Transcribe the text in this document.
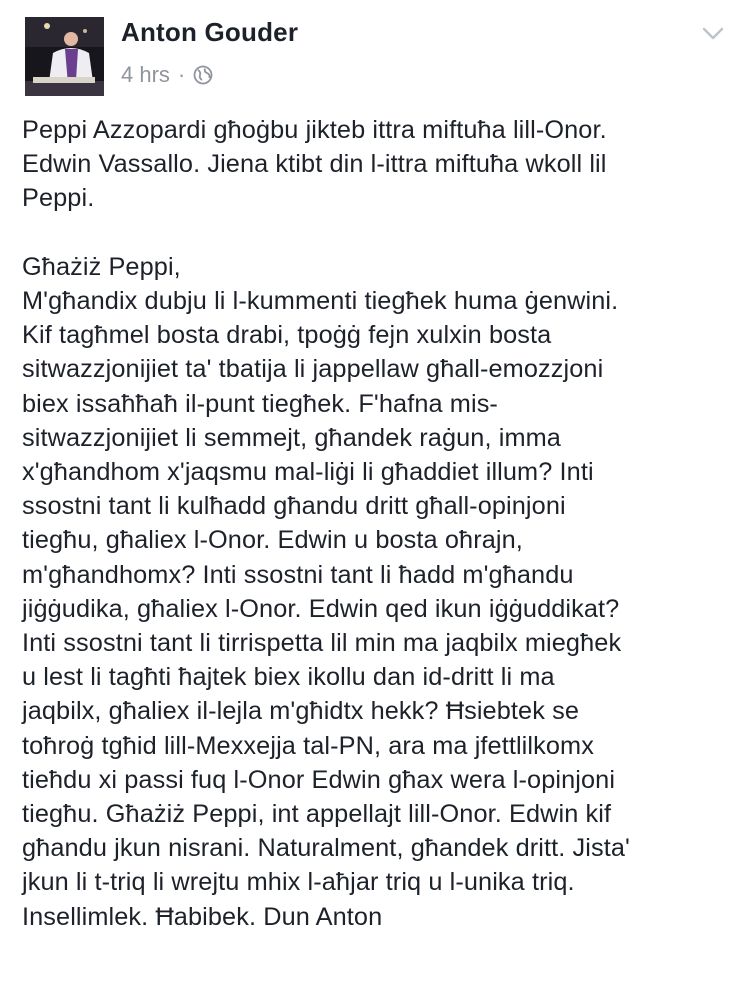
Anton Gouder
4 hrs ·
Peppi Azzopardi għoġbu jikteb ittra miftuħa lill-Onor.
Edwin Vassallo. Jiena ktibt din l-ittra miftuħa wkoll lil
Peppi.

Għażiż Peppi,
M'għandix dubju li l-kummenti tiegħek huma ġenwini.
Kif tagħmel bosta drabi, tpoġġ fejn xulxin bosta
sitwazzjonijiet ta' tbatija li jappellaw għall-emozzjoni
biex issaħħaħ il-punt tiegħek. F'hafna mis-
sitwazzjonijiet li semmejt, għandek raġun, imma
x'għandhom x'jaqsmu mal-liġi li għaddiet illum? Inti
ssostni tant li kulħadd għandu dritt għall-opinjoni
tiegħu, għaliex l-Onor. Edwin u bosta oħrajn,
m'għandhomx? Inti ssostni tant li ħadd m'għandu
jiġġudika, għaliex l-Onor. Edwin qed ikun iġġuddikat?
Inti ssostni tant li tirrispetta lil min ma jaqbilx miegħek
u lest li tagħti ħajtek biex ikollu dan id-dritt li ma
jaqbilx, għaliex il-lejla m'għidtx hekk? Ħsiebtek se
toħroġ tgħid lill-Mexxejja tal-PN, ara ma jfettlilkomx
tieħdu xi passi fuq l-Onor Edwin għax wera l-opinjoni
tiegħu. Għażiż Peppi, int appellajt lill-Onor. Edwin kif
għandu jkun nisrani. Naturalment, għandek dritt. Jista'
jkun li t-triq li wrejtu mhix l-aħjar triq u l-unika triq.
Insellimlek. Ħabibek. Dun Anton
